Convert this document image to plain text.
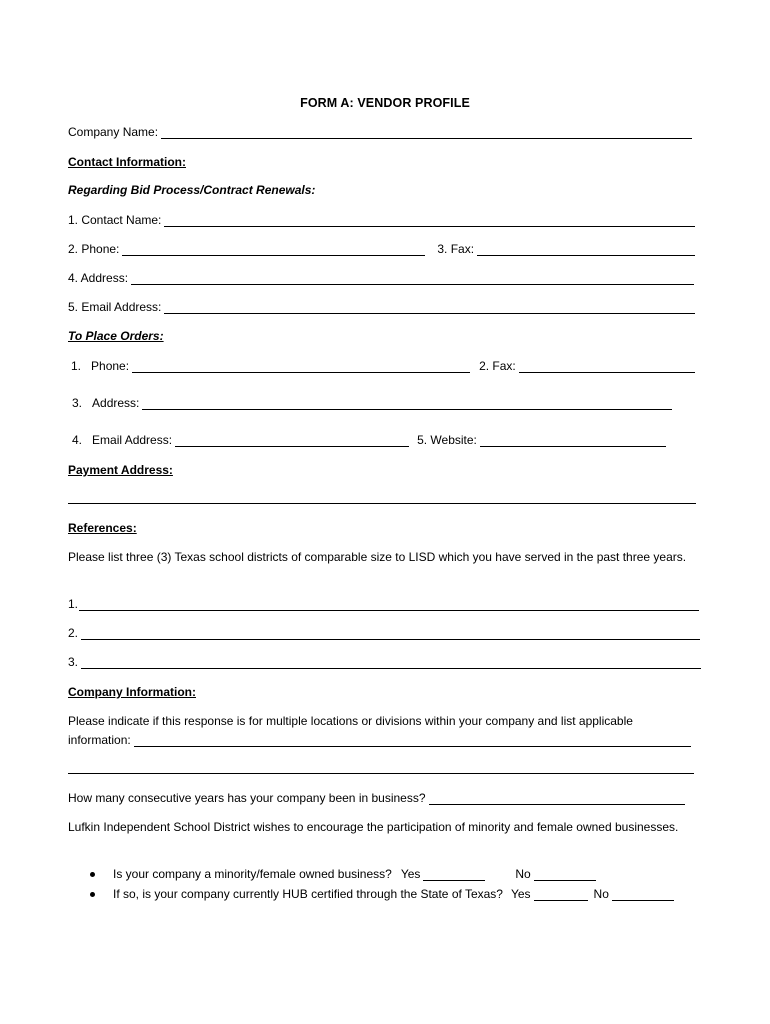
FORM A: VENDOR PROFILE
Company Name:
Contact Information:
Regarding Bid Process/Contract Renewals:
1. Contact Name:
2. Phone:	3. Fax:
4. Address:
5. Email Address:
To Place Orders:
1. Phone:	2. Fax:
3. Address:
4. Email Address:	5. Website:
Payment Address:
References:
Please list three (3) Texas school districts of comparable size to LISD which you have served in the past three years.
1.
2.
3.
Company Information:
Please indicate if this response is for multiple locations or divisions within your company and list applicable
information:
How many consecutive years has your company been in business?
Lufkin Independent School District wishes to encourage the participation of minority and female owned businesses.
Is your company a minority/female owned business? Yes	No
If so, is your company currently HUB certified through the State of Texas? Yes	No
